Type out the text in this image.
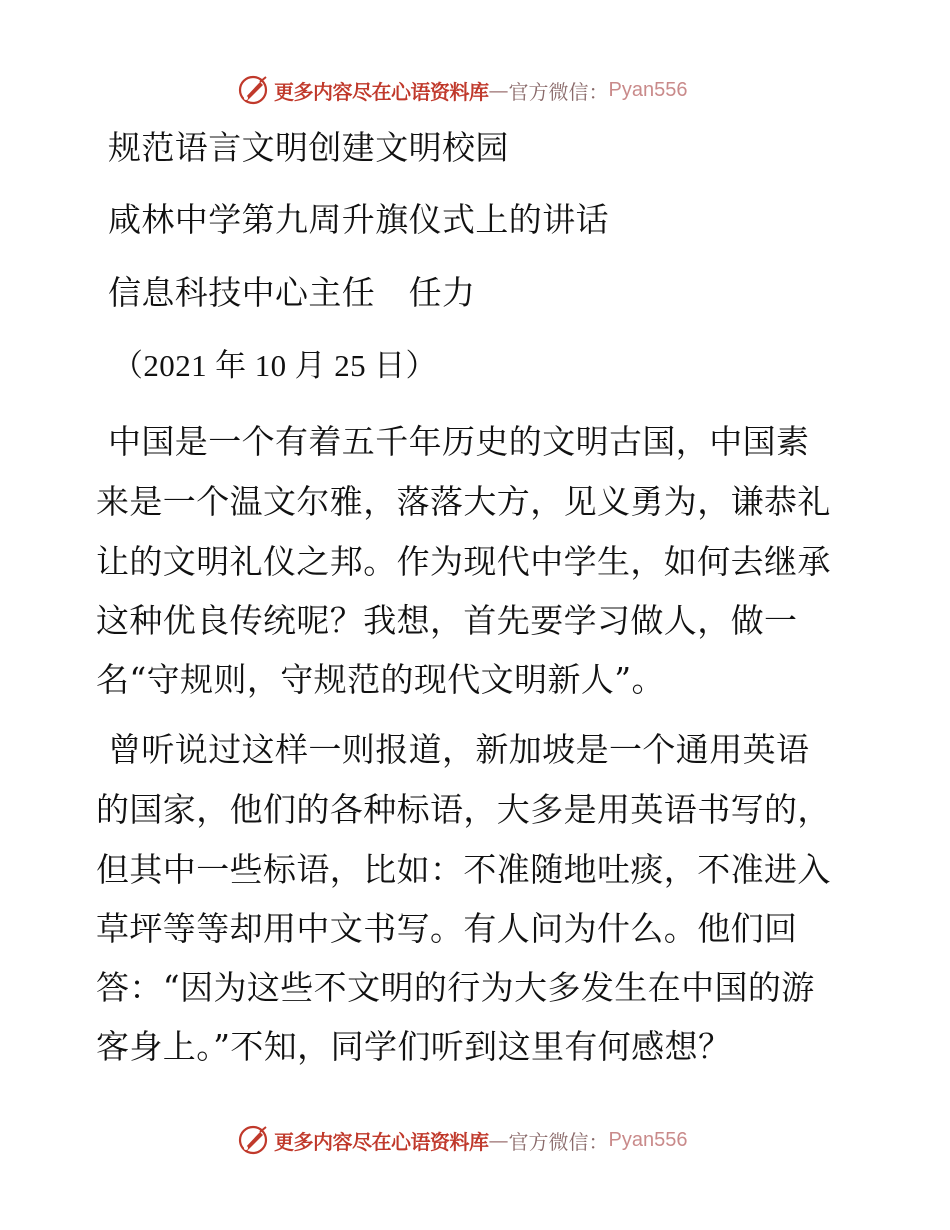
更多内容尽在心语资料库 — 官方微信： Pyan556
规范语言文明创建文明校园
咸林中学第九周升旗仪式上的讲话
信息科技中心主任　任力
（2021 年 10 月 25 日）
中国是一个有着五千年历史的文明古国，中国素
来是一个温文尔雅，落落大方，见义勇为，谦恭礼
让的文明礼仪之邦。作为现代中学生，如何去继承
这种优良传统呢？我想，首先要学习做人，做一
名“守规则，守规范的现代文明新人”。
曾听说过这样一则报道，新加坡是一个通用英语
的国家，他们的各种标语，大多是用英语书写的，
但其中一些标语，比如：不准随地吐痰，不准进入
草坪等等却用中文书写。有人问为什么。他们回
答：“因为这些不文明的行为大多发生在中国的游
客身上。”不知，同学们听到这里有何感想？
更多内容尽在心语资料库 — 官方微信： Pyan556
